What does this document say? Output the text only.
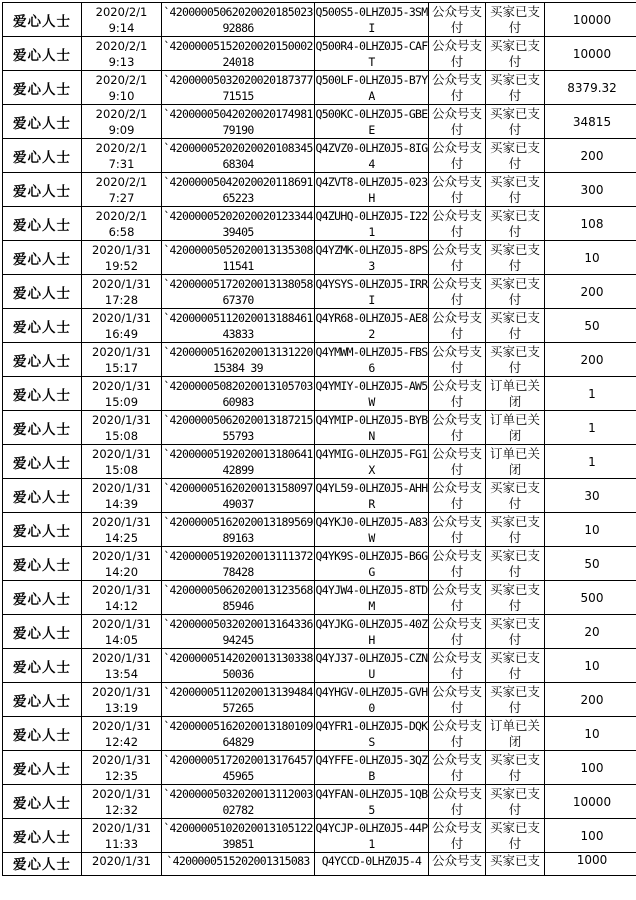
爱心人士	2020/2/1 9:14	`4200000506202002018502392886	Q500S5-0LHZ0J5-3SMI	公众号支付	买家已支付	10000
爱心人士	2020/2/1 9:13	`4200000515202002015000224018	Q500R4-0LHZ0J5-CAFT	公众号支付	买家已支付	10000
爱心人士	2020/2/1 9:10	`4200000503202002018737771515	Q500LF-0LHZ0J5-B7YA	公众号支付	买家已支付	8379.32
爱心人士	2020/2/1 9:09	`4200000504202002017498179190	Q500KC-0LHZ0J5-GBEE	公众号支付	买家已支付	34815
爱心人士	2020/2/1 7:31	`4200000520202002010834568304	Q4ZVZ0-0LHZ0J5-8IG4	公众号支付	买家已支付	200
爱心人士	2020/2/1 7:27	`4200000504202002011869165223	Q4ZVT8-0LHZ0J5-023H	公众号支付	买家已支付	300
爱心人士	2020/2/1 6:58	`4200000520202002012334439405	Q4ZUHQ-0LHZ0J5-I221	公众号支付	买家已支付	108
爱心人士	2020/1/31 19:52	`4200000505202001313530811541	Q4YZMK-0LHZ0J5-8PS3	公众号支付	买家已支付	10
爱心人士	2020/1/31 17:28	`4200000517202001313805867370	Q4YSYS-0LHZ0J5-IRRI	公众号支付	买家已支付	200
爱心人士	2020/1/31 16:49	`4200000511202001318846143833	Q4YR68-0LHZ0J5-AE82	公众号支付	买家已支付	50
爱心人士	2020/1/31 15:17	`4200000516202001313122015384 39	Q4YMWM-0LHZ0J5-FBS6	公众号支付	买家已支付	200
爱心人士	2020/1/31 15:09	`4200000508202001310570360983	Q4YMIY-0LHZ0J5-AW5W	公众号支付	订单已关闭	1
爱心人士	2020/1/31 15:08	`4200000506202001318721555793	Q4YMIP-0LHZ0J5-BYBN	公众号支付	订单已关闭	1
爱心人士	2020/1/31 15:08	`4200000519202001318064142899	Q4YMIG-0LHZ0J5-FG1X	公众号支付	订单已关闭	1
爱心人士	2020/1/31 14:39	`4200000516202001315809749037	Q4YL59-0LHZ0J5-AHHR	公众号支付	买家已支付	30
爱心人士	2020/1/31 14:25	`4200000516202001318956989163	Q4YKJ0-0LHZ0J5-A83W	公众号支付	买家已支付	10
爱心人士	2020/1/31 14:20	`4200000519202001311137278428	Q4YK9S-0LHZ0J5-B6GG	公众号支付	买家已支付	50
爱心人士	2020/1/31 14:12	`4200000506202001312356885946	Q4YJW4-0LHZ0J5-8TDM	公众号支付	买家已支付	500
爱心人士	2020/1/31 14:05	`4200000503202001316433694245	Q4YJKG-0LHZ0J5-40ZH	公众号支付	买家已支付	20
爱心人士	2020/1/31 13:54	`4200000514202001313033850036	Q4YJ37-0LHZ0J5-CZNU	公众号支付	买家已支付	10
爱心人士	2020/1/31 13:19	`4200000511202001313948457265	Q4YHGV-0LHZ0J5-GVH0	公众号支付	买家已支付	200
爱心人士	2020/1/31 12:42	`4200000516202001318010964829	Q4YFR1-0LHZ0J5-DQKS	公众号支付	订单已关闭	10
爱心人士	2020/1/31 12:35	`4200000517202001317645745965	Q4YFFE-0LHZ0J5-3QZB	公众号支付	买家已支付	100
爱心人士	2020/1/31 12:32	`4200000503202001311200302782	Q4YFAN-0LHZ0J5-1QB5	公众号支付	买家已支付	10000
爱心人士	2020/1/31 11:33	`4200000510202001310512239851	Q4YCJP-0LHZ0J5-44P1	公众号支付	买家已支付	100
爱心人士	2020/1/31	`4200000515202001315083	Q4YCCD-0LHZ0J5-4	公众号支	买家已支	1000
